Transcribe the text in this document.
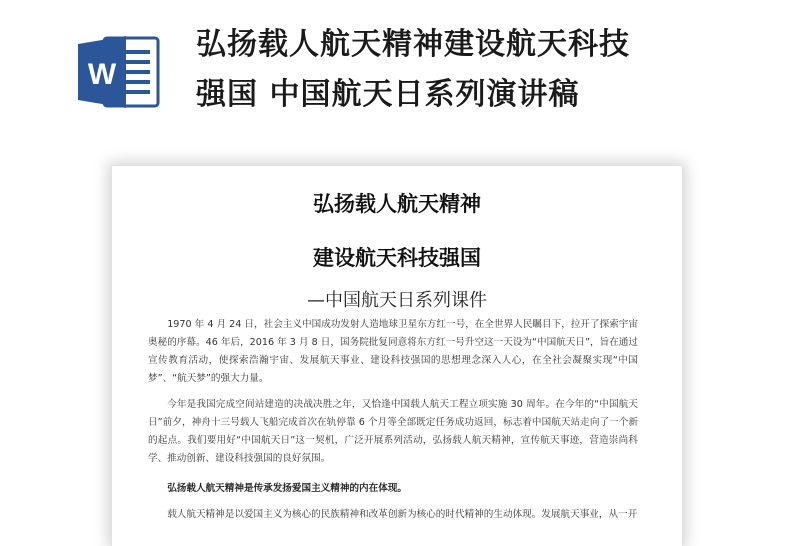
W
弘扬载人航天精神建设航天科技
强国 中国航天日系列演讲稿
弘扬载人航天精神
建设航天科技强国
—中国航天日系列课件

1970 年 4 月 24 日，社会主义中国成功发射人造地球卫星东方红一号，在全世界人民瞩目下，拉开了探索宇宙奥秘的序幕。46 年后，2016 年 3 月 8 日，国务院批复同意将东方红一号升空这一天设为“中国航天日”，旨在通过宣传教育活动，使探索浩瀚宇宙、发展航天事业、建设科技强国的思想理念深入人心，在全社会凝聚实现“中国梦”、“航天梦”的强大力量。

今年是我国完成空间站建造的决战决胜之年，又恰逢中国载人航天工程立项实施 30 周年。在今年的“中国航天日”前夕，神舟十三号载人飞船完成首次在轨停靠 6 个月等全部既定任务成功返回，标志着中国航天站走向了一个新的起点。我们要用好“中国航天日”这一契机，广泛开展系列活动，弘扬载人航天精神，宣传航天事迹，营造崇尚科学、推动创新、建设科技强国的良好氛围。

弘扬载人航天精神是传承发扬爱国主义精神的内在体现。

载人航天精神是以爱国主义为核心的民族精神和改革创新为核心的时代精神的生动体现。发展航天事业，从一开
